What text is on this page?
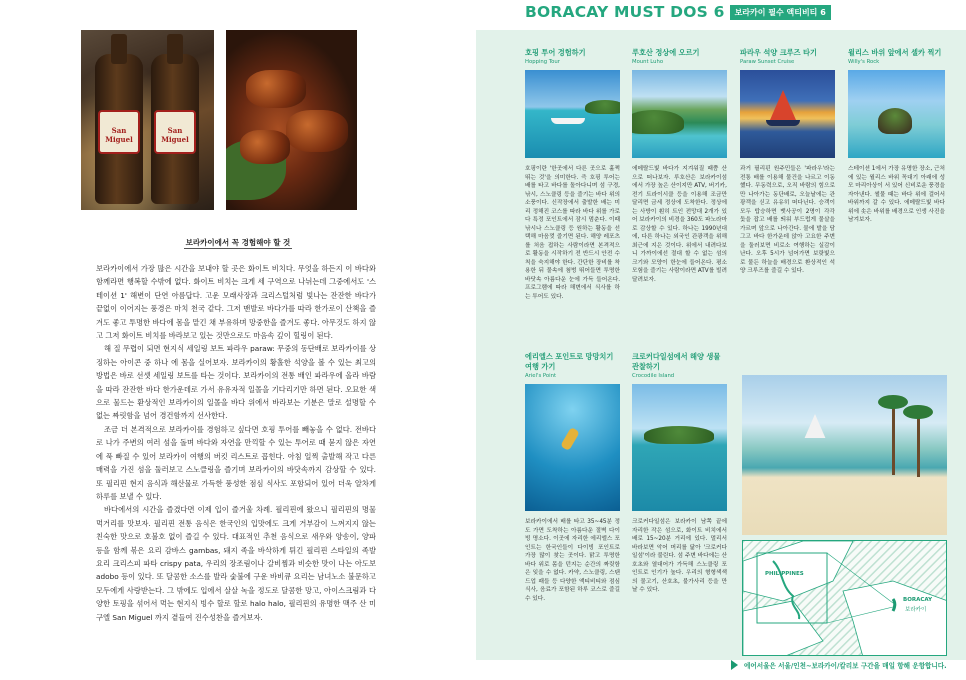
San Miguel
San Miguel
보라카이에서 꼭 경험해야 할 것

보라카이에서 가장 많은 시간을 보내야 할 곳은 화이트 비치다. 무엇을 하든지 이 바다와 함께라면 행복할 수밖에 없다. 화이트 비치는 크게 세 구역으로 나뉘는데 그중에서도 '스테이션 1' 해변이 단연 아름답다. 고운 모래사장과 크리스털처럼 빛나는 잔잔한 바다가 끝없이 이어지는 풍경은 마치 천국 같다. 그저 맨발로 바다가를 따라 한가로이 산책을 즐겨도 좋고 투명한 바다에 몸을 맡긴 채 부유하며 망중한을 즐겨도 좋다. 아무것도 하지 않고 그저 화이트 비치를 바라보고 있는 것만으로도 마음속 깊이 힐링이 된다.

해 질 무렵이 되면 현지식 세일링 보트 파라우 paraw: 무중의 동단배로 보라카이를 상징하는 아이콘 중 하나 에 몸을 실어보자. 보라카이의 황홀한 석양을 볼 수 있는 최고의 방법은 바로 선셋 세일링 보트를 타는 것이다. 보라카이의 전통 배인 파라우에 올라 바람을 따라 잔잔한 바다 한가운데로 가서 유유자적 일몰을 기다리기만 하면 된다. 오묘한 색으로 물드는 환상적인 보라카이의 일몰을 바다 위에서 바라보는 기분은 말로 설명할 수 없는 짜릿함을 넘어 경건함까지 선사한다.

조금 더 본격적으로 보라카이를 경험하고 싶다면 호핑 투어를 빼놓을 수 없다. 전바다로 나가 주변의 여러 섬을 돌며 바다와 자연을 만끽할 수 있는 투어로 때 묻지 않은 자연에 푹 빠질 수 있어 보라카이 여행의 버킷 리스트로 꼽힌다. 아침 일찍 출발해 작고 다른 매력을 가진 섬을 둘러보고 스노클링을 즐기며 보라카이의 바닷속까지 감상할 수 있다. 또 필리핀 현지 음식과 해산물로 가득한 풍성한 점심 식사도 포함되어 있어 더욱 알차게 하루를 보낼 수 있다.

바다에서의 시간을 즐겼다면 이제 입이 즐거울 차례. 필리핀에 왔으니 필리핀의 명물 먹거리를 맛보자. 필리핀 전통 음식은 한국인의 입맛에도 크게 거부감이 느껴지지 않는 친숙한 맛으로 호불호 없이 즐길 수 있다. 대표적인 추천 음식으로 새우와 양송이, 양파 등을 함께 볶은 요리 감바스 gambas, 돼지 족을 바삭하게 튀긴 필리핀 스타일의 족발 요리 크리스피 파타 crispy pata, 우리의 장조림이나 갈비찜과 비슷한 맛이 나는 아도보 adobo 등이 있다. 또 달콤한 소스를 발라 숯불에 구운 바비큐 요리는 남녀노소 불문하고 모두에게 사랑받는다. 그 밖에도 입에서 살살 녹을 정도로 달콤한 망고, 아이스크림과 다양한 토핑을 섞어서 먹는 현지식 빙수 할로 할로 halo halo, 필리핀의 유명한 맥주 산 미구엘 San Miguel 까지 곁들여 진수성찬을 즐겨보자.

BORACAY MUST DOS 6	보라카이 필수 액티비티 6
호핑 투어 경험하기
Hopping Tour
호핑이란 '한곳에서 다른 곳으로 훌쩍 뛰는 것'을 의미한다. 즉 호핑 투어는 배를 타고 바다를 돌아다니며 섬 구경, 낚시, 스노클링 등을 즐기는 바다 위의 소풍이다. 신작장에서 출발한 배는 미리 정해진 코스를 따라 바다 위를 가로다 특정 포인트에서 잠시 멈춘다. 이때 낚시나 스노클링 등 원하는 활동을 선택해 마음껏 즐기면 된다. 해양 레포츠를 처음 접하는 사람이라면 본격적으로 활동을 시작하기 전 반드시 안전 수칙을 숙지해야 한다. 간단한 장비를 착용한 뒤 물속에 첨벙 뛰어들면 투명한 바닷속 아름다운 눈에 가득 들어온다. 프로그램에 따라 해변에서 식사를 하는 투어도 있다.
루호산 정상에 오르기
Mount Luho
에메랄드빛 바다가 지겨워질 때쯤 산으로 떠나보자. 루호산은 보라카이섬에서 가장 높은 산이지만 ATV, 버기카, 전기 트라이시클 등을 이용해 조금만 달리면 금세 정상에 도착한다. 정상에는 사방이 훤히 트인 전망대 2개가 있어 보라카이의 비경을 360도 파노라마로 감상할 수 있다. 하나는 1990년대에, 다른 하나는 외국인 관광객을 위해 최근에 지은 것이다. 위에서 내려다보니 가까이에선 절대 할 수 없는 섬의 크기와 모양이 한눈에 들어온다. 평소 모험을 즐기는 사람이라면 ATV를 빌려 달려보자.
파라우 석양 크루즈 타기
Paraw Sunset Cruise
과거 필리핀 원주민들은 '파라우'라는 전통 배를 이용해 물건을 나르고 이동했다. 무동력으로, 오직 바람의 힘으로만 나아가는 동단배로, 오늘날에는 관광객을 싣고 유유히 떠다닌다. 승객이 모두 탑승하면 뱃사공이 2명이 각각 돛을 잡고 배를 띄워 부드럽게 물살을 가르며 앞으로 나아간다. 물에 발을 담그고 바다 한가운데 앉아 고요한 주변을 둘러보면 비로소 여행하는 실감이 난다. 오후 5시가 넘어가면 보랏빛으로 물든 하늘을 배경으로 환상적인 석양 크루즈를 즐길 수 있다.
윌리스 바위 앞에서 셀카 찍기
Willy's Rock
스테이션 1에서 가장 유명한 장소, 근처에 있는 윌리스 바위 꼭대기 아래에 성모 마리아상이 서 있어 신비로운 풍경을 자아낸다. 썰물 때는 바다 위에 걸어서 바위까지 갈 수 있다. 에메랄드빛 바다 위에 솟은 바위를 배경으로 인생 사진을 남겨보자.
에리엘스 포인트로 망망치기 여행 가기
Ariel's Point
보라카이에서 배를 타고 35~45분 정도 가면 도착하는 아름다운 절벽 다이빙 명소다. 이곳에 자리한 에리엘스 포인트는 한국인들이 다이빙 포인트로 가장 많이 찾는 곳이다. 맑고 투명한 바다 위로 몸을 던지는 순간의 짜릿함은 잊을 수 없다. 카약, 스노클링, 스탠드업 패들 등 다양한 액티비티와 점심 식사, 음료가 포함된 하루 코스로 즐길 수 있다.
크로커다일섬에서 해양 생물 관찰하기
Crocodile Island
크로커다일섬은 보라카이 남쪽 끝에 자리한 작은 섬으로, 화이트 비치에서 배로 15~20분 거리에 있다. 멀리서 바라보면 악어 머리를 닮아 '크로커다일섬'이라 불린다. 섬 주변 바다에는 산호초와 열대어가 가득해 스노클링 포인트로 인기가 높다. 우리의 형형색색의 물고기, 산호초, 불가사리 등을 만날 수 있다.
PHILIPPINES
BORACAY
보라카이
에어서울은 서울/인천~보라카이/칼리보 구간을 매일 항해 운항합니다.
